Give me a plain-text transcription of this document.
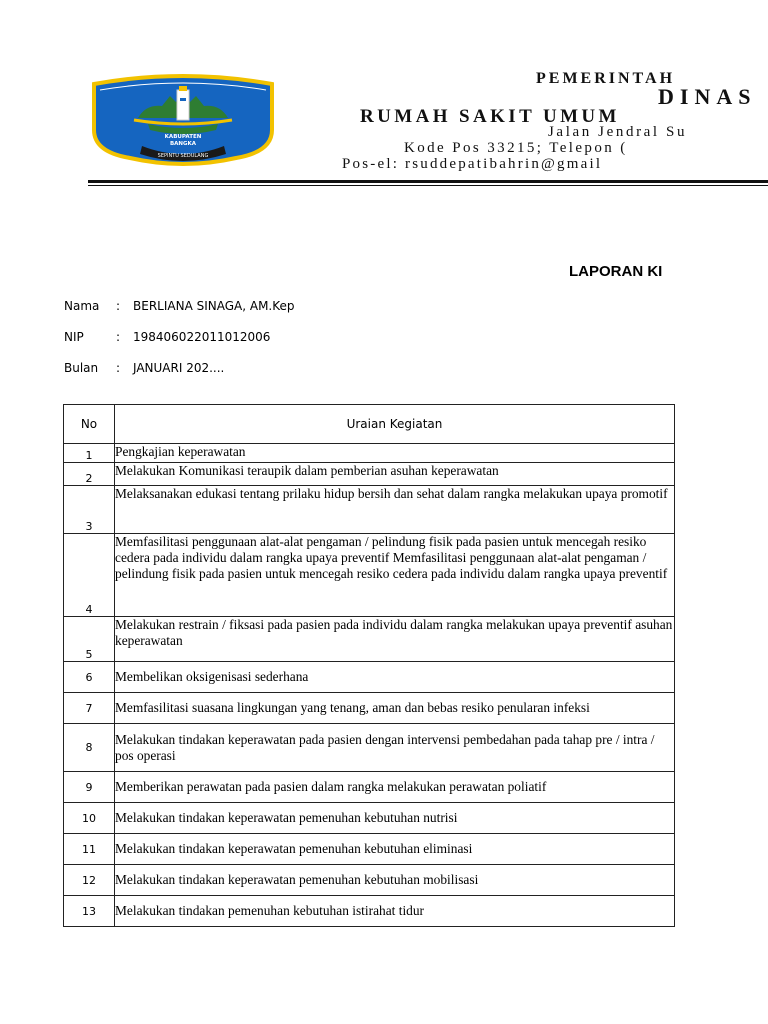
KABUPATEN
BANGKA
SEPINTU SEDULANG
PEMERINTAH
DINAS
RUMAH SAKIT UMUM
Jalan Jendral Su
Kode Pos 33215; Telepon (
Pos-el: rsuddepatibahrin@gmail
LAPORAN KI
Nama : BERLIANA SINAGA, AM.Kep
NIP	: 198406022011012006
Bulan : JANUARI 202....
No	Uraian Kegiatan
1	Pengkajian keperawatan
2	Melakukan Komunikasi teraupik dalam pemberian asuhan keperawatan
3	Melaksanakan edukasi tentang prilaku hidup bersih dan sehat dalam rangka melakukan upaya promotif
4	Memfasilitasi penggunaan alat-alat pengaman / pelindung fisik pada pasien untuk mencegah resiko cedera pada individu dalam rangka upaya preventif Memfasilitasi penggunaan alat-alat pengaman / pelindung fisik pada pasien untuk mencegah resiko cedera pada individu dalam rangka upaya preventif
5	Melakukan restrain / fiksasi pada pasien pada individu dalam rangka melakukan upaya preventif asuhan keperawatan
6	Membelikan oksigenisasi sederhana
7	Memfasilitasi suasana lingkungan yang tenang, aman dan bebas resiko penularan infeksi
8	Melakukan tindakan keperawatan pada pasien dengan intervensi pembedahan pada tahap pre / intra / pos operasi
9	Memberikan perawatan pada pasien dalam rangka melakukan perawatan poliatif
10	Melakukan tindakan keperawatan pemenuhan kebutuhan nutrisi
11	Melakukan tindakan keperawatan pemenuhan kebutuhan eliminasi
12	Melakukan tindakan keperawatan pemenuhan kebutuhan mobilisasi
13	Melakukan tindakan pemenuhan kebutuhan istirahat tidur
